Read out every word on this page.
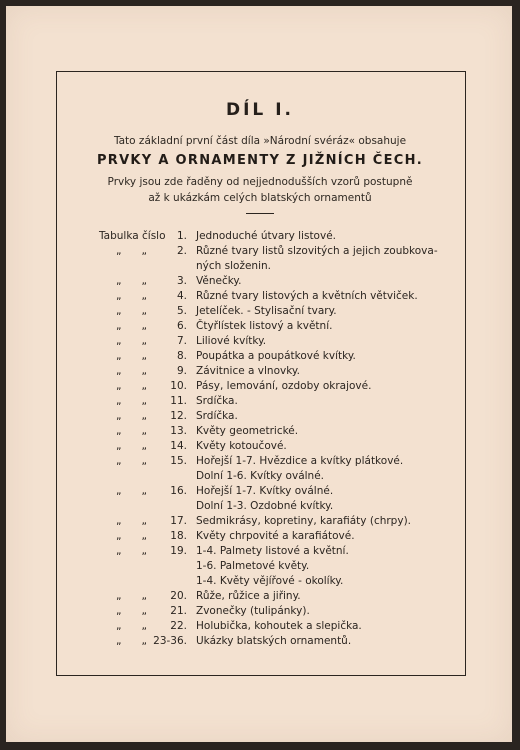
DÍL I.
Tato základní první část díla »Národní svéráz« obsahuje
PRVKY A ORNAMENTY Z JIŽNÍCH ČECH.
Prvky jsou zde řaděny od nejjednodušších vzorů postupně
až k ukázkám celých blatských ornamentů
Tabulka číslo 1. Jednoduché útvary listové.
„      „	2. Různé tvary listů slzovitých a jejich zoubkova-
ných složenin.
„      „	3. Věnečky.
„      „	4. Různé tvary listových a květních větviček.
„      „	5. Jetelíček. - Stylisační tvary.
„      „	6. Čtyřlístek listový a květní.
„      „	7. Liliové kvítky.
„      „	8. Poupátka a poupátkové kvítky.
„      „	9. Závitnice a vlnovky.
„      „ 10. Pásy, lemování, ozdoby okrajové.
„      „ 11. Srdíčka.
„      „ 12. Srdíčka.
„      „ 13. Květy geometrické.
„      „ 14. Květy kotoučové.
„      „ 15. Hořejší 1-7. Hvězdice a kvítky plátkové.
Dolní 1-6. Kvítky oválné.
„      „ 16. Hořejší 1-7. Kvítky oválné.
Dolní 1-3. Ozdobné kvítky.
„      „ 17. Sedmikrásy, kopretiny, karafiáty (chrpy).
„      „ 18. Květy chrpovité a karafiátové.
„      „ 19. 1-4. Palmety listové a květní.
1-6. Palmetové květy.
1-4. Květy vějířové - okolíky.
„      „ 20. Růže, růžice a jiřiny.
„      „ 21. Zvonečky (tulipánky).
„      „ 22. Holubička, kohoutek a slepička.
„      „ 23-36. Ukázky blatských ornamentů.
